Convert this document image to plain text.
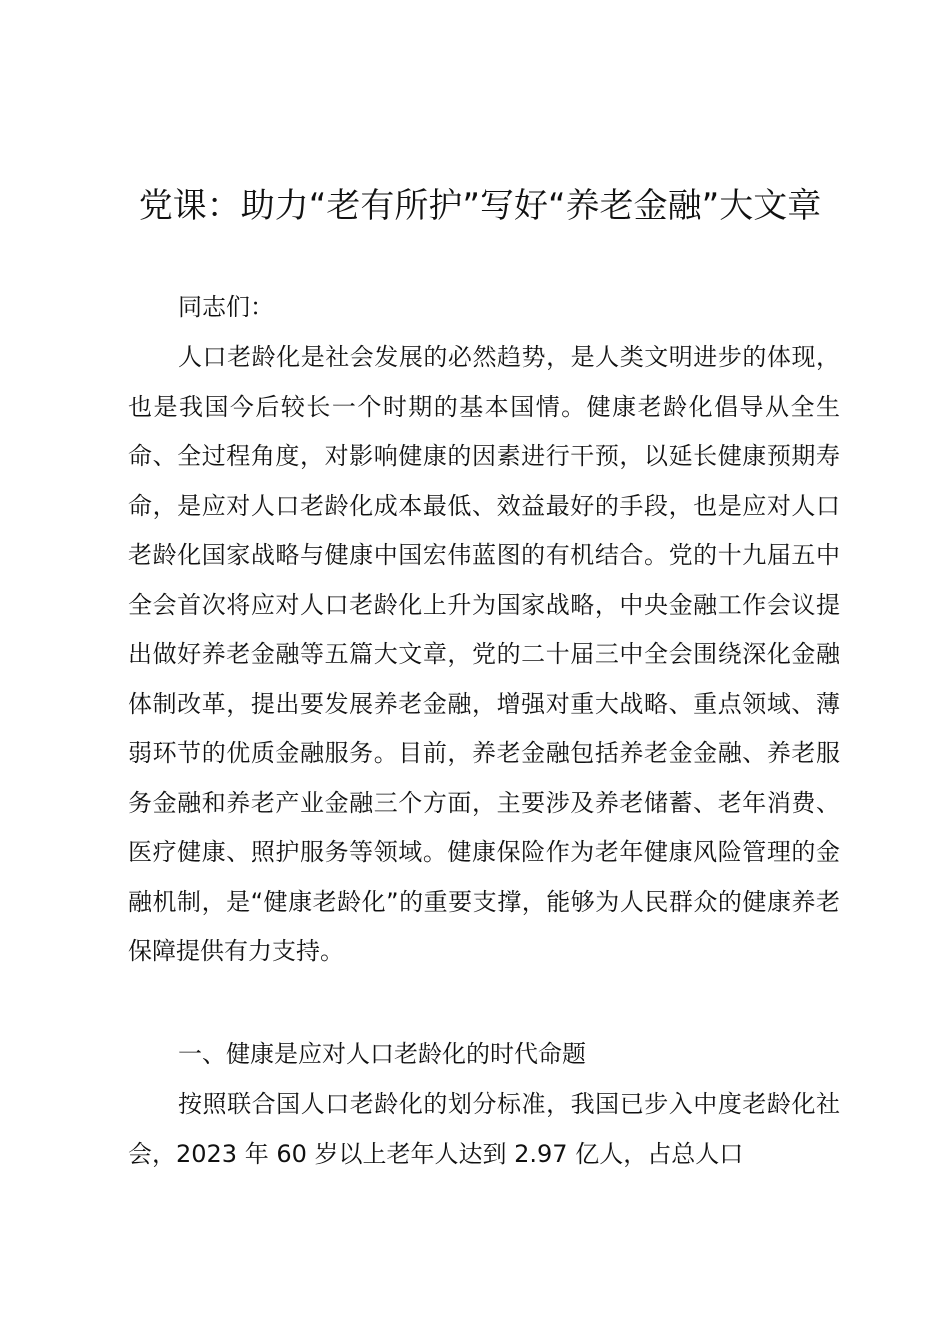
党课：助力“老有所护”写好“养老金融”大文章

同志们：

人口老龄化是社会发展的必然趋势，是人类文明进步的体现，也是我国今后较长一个时期的基本国情。健康老龄化倡导从全生命、全过程角度，对影响健康的因素进行干预，以延长健康预期寿命，是应对人口老龄化成本最低、效益最好的手段，也是应对人口老龄化国家战略与健康中国宏伟蓝图的有机结合。党的十九届五中全会首次将应对人口老龄化上升为国家战略，中央金融工作会议提出做好养老金融等五篇大文章，党的二十届三中全会围绕深化金融体制改革，提出要发展养老金融，增强对重大战略、重点领域、薄弱环节的优质金融服务。目前，养老金融包括养老金金融、养老服务金融和养老产业金融三个方面，主要涉及养老储蓄、老年消费、医疗健康、照护服务等领域。健康保险作为老年健康风险管理的金融机制，是“健康老龄化”的重要支撑，能够为人民群众的健康养老保障提供有力支持。

一、健康是应对人口老龄化的时代命题

按照联合国人口老龄化的划分标准，我国已步入中度老龄化社会，2023 年 60 岁以上老年人达到 2.97 亿人，占总人口
